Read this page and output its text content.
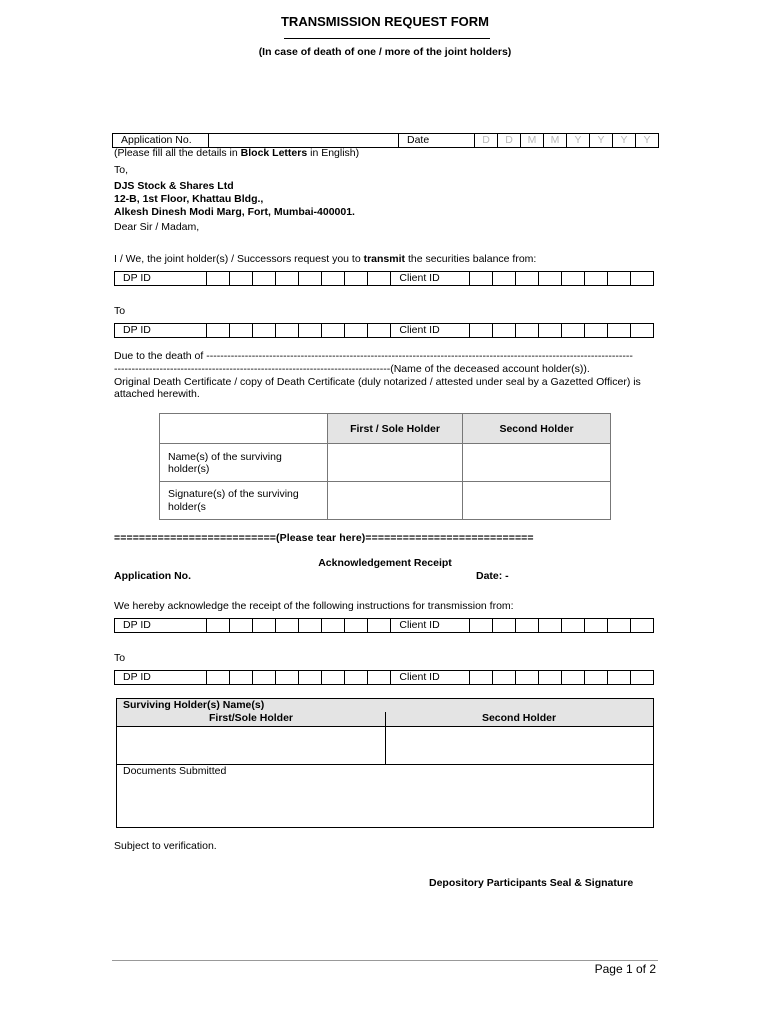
TRANSMISSION REQUEST FORM
(In case of death of one / more of the joint holders)
Application No.		Date	D	D	M	M	Y	Y	Y	Y
(Please fill all the details in Block Letters in English)
To,
DJS Stock & Shares Ltd
12-B, 1st Floor, Khattau Bldg.,
Alkesh Dinesh Modi Marg, Fort, Mumbai-400001.
Dear Sir / Madam,
I / We, the joint holder(s) / Successors request you to transmit the securities balance from:
DP ID									Client ID								
To
DP ID									Client ID								
Due to the death of --------------------------------------------------------------------------------------------------------------------------
-------------------------------------------------------------------------------(Name of the deceased account holder(s)).
Original Death Certificate / copy of Death Certificate (duly notarized / attested under seal by a Gazetted Officer) is
attached herewith.
	First / Sole Holder	Second Holder
Name(s) of the surviving holder(s)		

Signature(s) of the surviving
holder(s		

==========================(Please tear here)===========================
Acknowledgement Receipt
Application No.	Date: -
We hereby acknowledge the receipt of the following instructions for transmission from:
DP ID									Client ID								
To
DP ID									Client ID								
Surviving Holder(s) Name(s)
First/Sole Holder	Second Holder
Documents Submitted
Subject to verification.
Depository Participants Seal & Signature
Page 1 of 2
